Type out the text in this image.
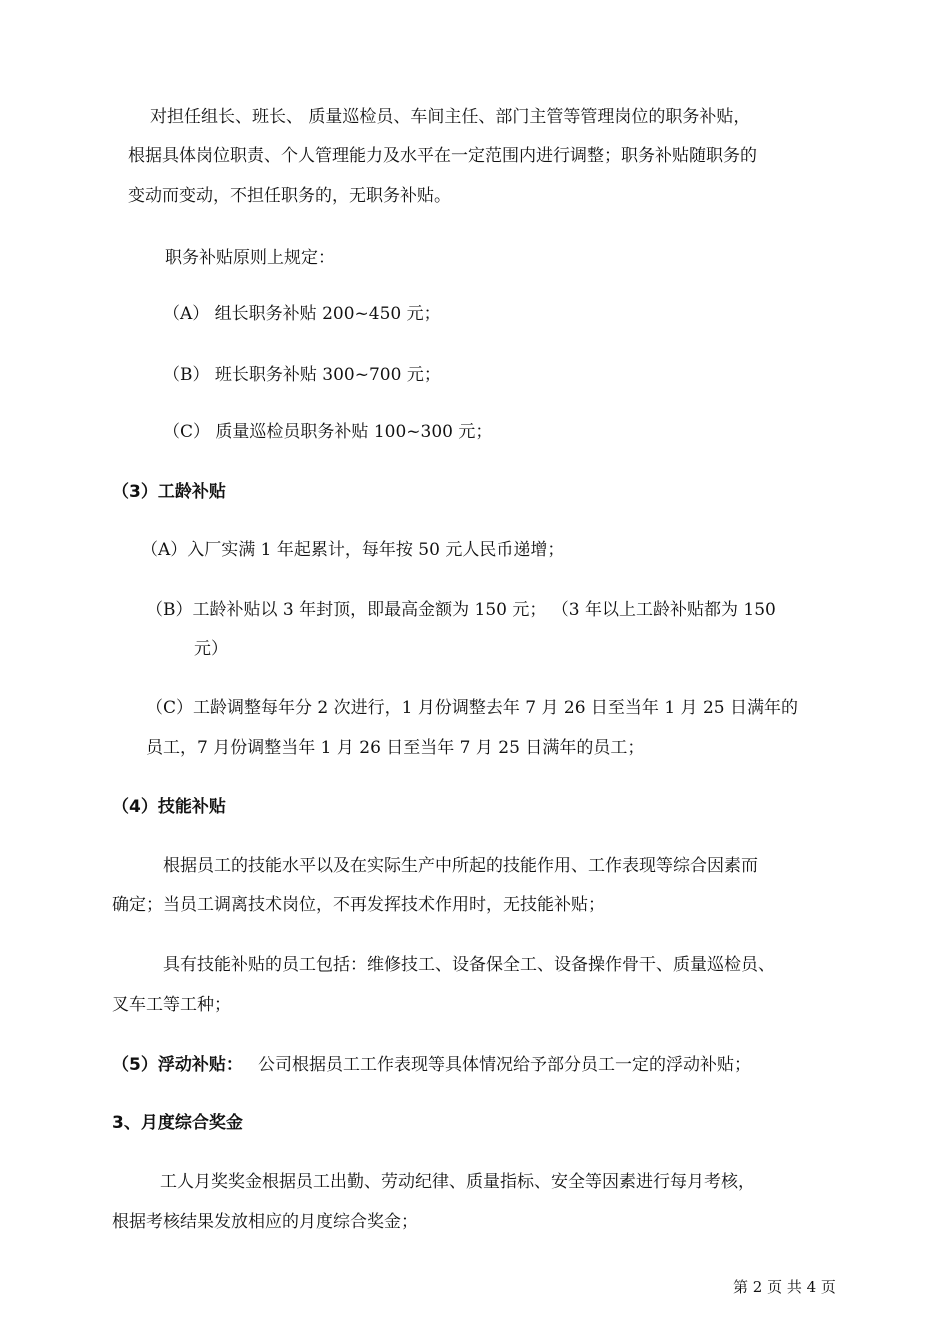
对担任组长、班长、 质量巡检员、车间主任、部门主管等管理岗位的职务补贴，
根据具体岗位职责、个人管理能力及水平在一定范围内进行调整；职务补贴随职务的
变动而变动，不担任职务的，无职务补贴。
职务补贴原则上规定：
（A） 组长职务补贴 200~450 元；
（B） 班长职务补贴 300~700 元；
（C） 质量巡检员职务补贴 100~300 元；
（3）工龄补贴
（A）入厂实满 1 年起累计，每年按 50 元人民币递增；
（B）工龄补贴以 3 年封顶，即最高金额为 150 元； （3 年以上工龄补贴都为 150
元）
（C）工龄调整每年分 2 次进行，1 月份调整去年 7 月 26 日至当年 1 月 25 日满年的
员工，7 月份调整当年 1 月 26 日至当年 7 月 25 日满年的员工；
（4）技能补贴
根据员工的技能水平以及在实际生产中所起的技能作用、工作表现等综合因素而
确定；当员工调离技术岗位，不再发挥技术作用时，无技能补贴；
具有技能补贴的员工包括：维修技工、设备保全工、设备操作骨干、质量巡检员、
叉车工等工种；
（5）浮动补贴： 公司根据员工工作表现等具体情况给予部分员工一定的浮动补贴；
3、月度综合奖金
工人月奖奖金根据员工出勤、劳动纪律、质量指标、安全等因素进行每月考核，
根据考核结果发放相应的月度综合奖金；
第 2 页 共 4 页
